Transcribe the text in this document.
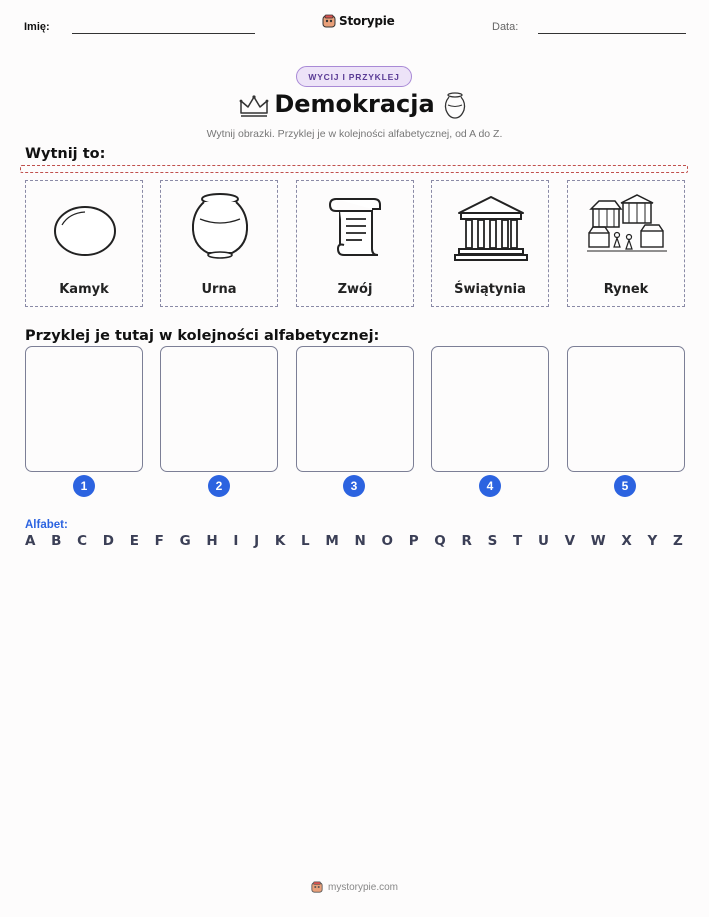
Imię:	Storypie	Data:
WYCIJ I PRZYKLEJ
Demokracja
Wytnij obrazki. Przyklej je w kolejności alfabetycznej, od A do Z.
Wytnij to:
Kamyk	Urna	Zwój	Świątynia	Rynek
Przyklej je tutaj w kolejności alfabetycznej:
1	2	3	4	5
Alfabet:
A B C D E F G H I J K L M N O P Q R S T U V W X Y Z
mystorypie.com
